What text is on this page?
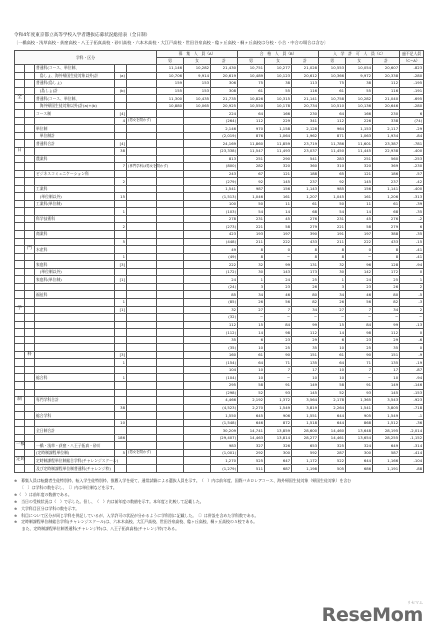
令和4年度東京都立高等学校入学者選抜応募状況総括表（全日制）
〔一橋高校・浅草高校・荻窪高校・八王子拓真高校・砂川高校・六本木高校・大江戸高校・世田谷泉高校・稔ヶ丘高校・桐ヶ丘高校は分校・小合・中合の場合は含む〕
学科・区分					募　集　人　員（A）			合　格　人　員（B）			入　学　許　可　人　員（C）			過不足人員
					男	女	計	男	女	計	男	女	計	（C−A）
		普通科(コース、単位制、			11,146	10,282	21,430	10,751	10,277	21,028	10,553	10,054	20,607	-823
		　島しょ、海外帰国生徒対象以外)計	(a)		10,706	9,914	20,619	10,489	10,123	20,612	10,366	9,972	20,338	-280
		普通科(島しょ)			159	153	306	75	38	113	75	38	112	-195
		　(島しょ)計	(b)		155	153	308	61	55	116	61	55	116	-191
全		普通科(コース、単位制、			11,300	10,435	21,735	10,826	10,315	21,141	10,758	10,282	21,040	-695
		　海外帰国生徒対象以外)計(a)+(b)			10,880	10,065	20,925	10,550	10,178	20,734	10,510	10,136	20,646	-280
		コース制	[4]				224	64	166	230	64	166	230	6
			4	(男女を問わず)			(264)	112	229	341	112	226	338	(74)
		単位制					2,146	970	1,158	2,128	964	1,153	2,117	-29
		　単位制計					(2,019)	876	1,064	1,962	871	1,063	1,934	-84
		普通科合計	[4]				24,169	11,860	11,859	23,719	11,786	11,601	23,387	-781
日			38				(23,338)	11,547	11,493	23,037	11,450	11,445	22,938	-400
		農業科					813	251	290	541	283	251	560	-253
			7	(専門学科は男女を問わず)			(800)	282	320	360	310	320	369	-230
		ビジネスコミュニケーション科					243	67	121	188	65	121	186	-57
			2				(279)	92	145	237	92	145	237	-42
		工業科					1,541	987	156	1,143	985	156	1,141	-400
		　(単位制以外)	15				(1,513)	1,046	161	1,207	1,045	161	1,206	-313
		工業科(単位制)					100	50	11	61	50	11	61	-39
			1				(103)	54	14	68	54	14	68	-35
		科学技術科					278	231	45	276	231	45	276	-2
			2				(273)	221	58	279	221	58	279	6
		商業科					423	193	197	390	191	197	388	-35
			5				(448)	211	222	433	211	222	433	-15
	門	水産科					49	8	0	8	8	0	8	-41
			1				(49)	8	−	8	8	−	8	-41
		家庭科	[3]				222	32	99	131	32	96	128	-94
		　(単位制以外)					(172)	30	143	173	30	142	172	0
		家庭科(単位制)	[1]				24	1	24	25	1	24	25	1
							(24)	3	23	26	3	23	26	2
		福祉科					85	34	46	80	34	46	80	-5
			1				(85)	26	56	82	26	56	82	-3
学			[1]				32	27	7	34	27	7	34	2
							(32)	−	−	−	−	−	−	−
							112	15	84	99	15	84	99	-13
							(112)	14	98	112	14	98	112	0
							35	6	23	29	6	23	29	-6
							(35)	10	25	35	10	25	35	0
	科		[3]				160	61	90	151	61	90	151	-9
			1				(154)	64	71	135	64	71	135	-19
							104	10	7	17	10	7	17	-87
		総合科	1				(104)	10	−	10	10	−	10	-94
							295	58	91	149	58	91	149	-146
							(298)	52	93	145	52	93	145	-153
制		専門学科合計					4,466	2,192	1,372	3,564	2,178	1,365	3,543	-923
			38				(4,523)	2,270	1,549	3,819	2,264	1,541	3,805	-718
		総合学科					1,550	645	906	1,551	644	905	1,549	-1
			10				(1,548)	646	872	1,518	644	868	1,512	-36
		全日制合計					30,209	14,741	13,859	28,600	14,460	13,648	28,195	-2,014
			186				(29,407)	14,463	13,814	28,277	14,461	13,654	28,255	-1,152
一橋		一橋・浅草・荻窪・八王子拓真・砂川					983	327	326	653	325	324	649	-314
		(定時制課程単位制)	5	(男女を問わず)			(1,001)	292	300	592	287	300	587	-414
定時		定時制課程単位制総合学科(チャレンジスクール)					1,270	525	647	1,172	522	644	1,166	-104
		及び定時制課程単位制普通科(チャレンジ枠)					(1,279)	511	687	1,198	505	686	1,191	-88
※　募集人員は転勤者生徒特別枠、転入学生徒特別枠、推薦入学を経て、通常試験による選抜人員を示す。（　）内は前年度、国際バカロレアコース、海外帰国生徒対象（帰国生徒対象）を含む
　　〔　〕は学科の数を示し、〔〕内は単位制などを示す。
※（　）は前年度の数値である。
※　当日の受検状況は（　）で示した。但し、（　）内は前年度の数値を示す。本年度と比較して記載した。
※　大学科目区分は学科の数を示す。
※　科目について区分が同じ学科を併記しているが、入学許可の状況が分かるように学科別に記載した。〔〕は併設を含めた学科数である。
※　定時制課程単位制総合学科(チャレンジスクール)は、六本木高校、大江戸高校、世田谷泉高校、稔ヶ丘高校、桐ヶ丘高校の５校である。
　　また、定時制課程単位制普通科(チャレンジ枠)は、八王子拓真高校(チャレンジ枠)である。
リセマム
ReseMom
